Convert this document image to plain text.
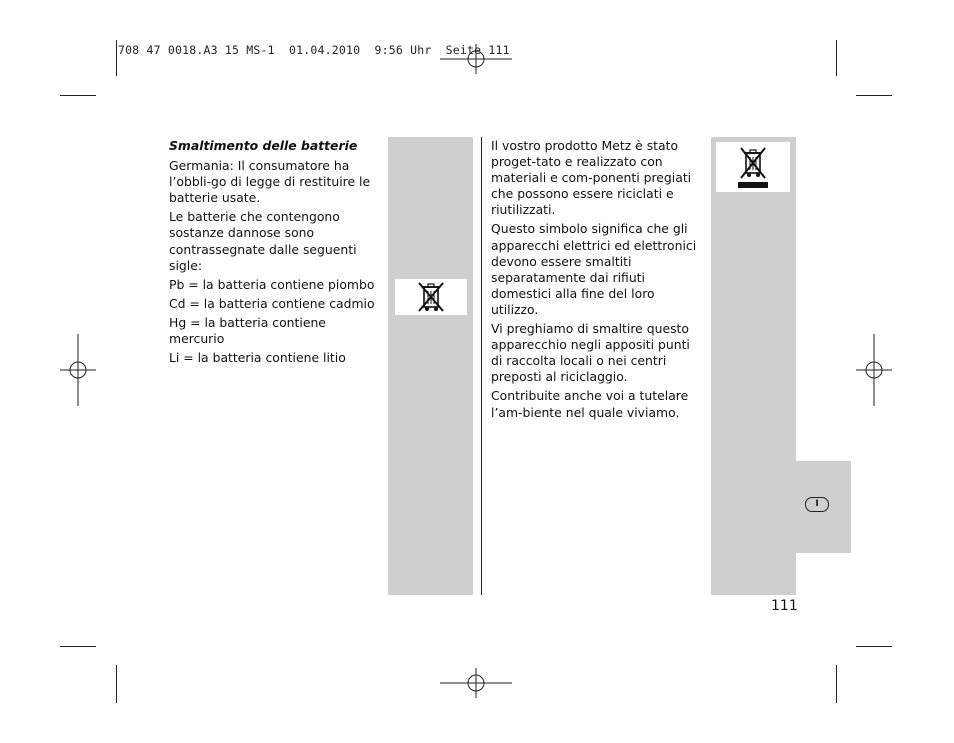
708 47 0018.A3 15 MS-1  01.04.2010  9:56 Uhr  Seite 111

Smaltimento delle batterie

Germania: Il consumatore ha l’obbli-go di legge di restituire le batterie usate.

Le batterie che contengono sostanze dannose sono contrassegnate dalle seguenti sigle:

Pb = la batteria contiene piombo

Cd = la batteria contiene cadmio

Hg = la batteria contiene mercurio

Li = la batteria contiene litio

Il vostro prodotto Metz è stato proget-tato e realizzato con materiali e com-ponenti pregiati che possono essere riciclati e riutilizzati.

Questo simbolo significa che gli apparecchi elettrici ed elettronici devono essere smaltiti separatamente dai rifiuti domestici alla fine del loro utilizzo.

Vi preghiamo di smaltire questo apparecchio negli appositi punti di raccolta locali o nei centri preposti al riciclaggio.

Contribuite anche voi a tutelare l’am-biente nel quale viviamo.

I
111
